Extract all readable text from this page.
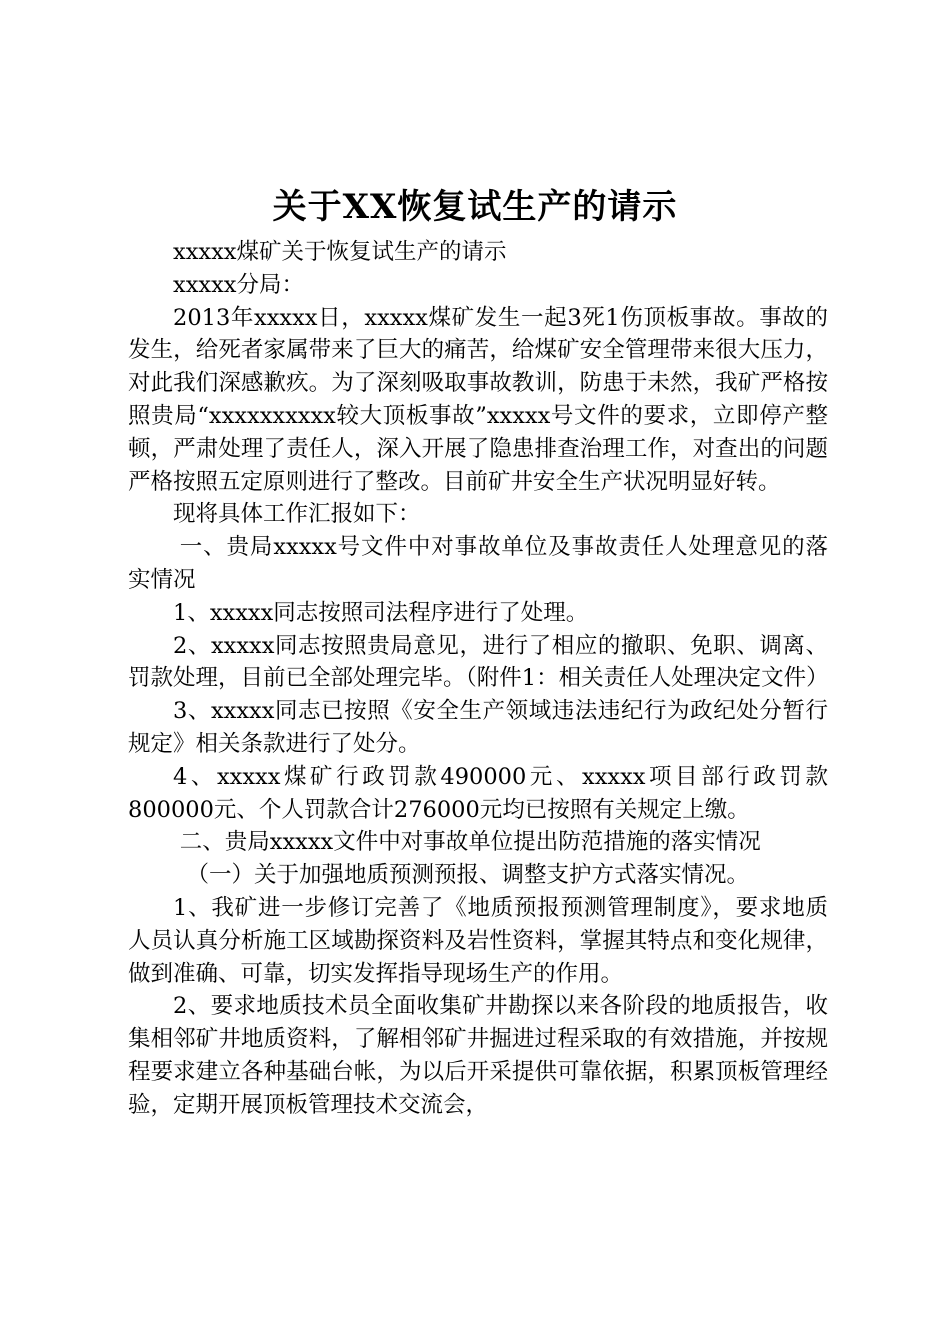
关于XX恢复试生产的请示

xxxxx煤矿关于恢复试生产的请示

xxxxx分局：

2013年xxxxx日，xxxxx煤矿发生一起3死1伤顶板事故。事故的发生，给死者家属带来了巨大的痛苦，给煤矿安全管理带来很大压力，对此我们深感歉疚。为了深刻吸取事故教训，防患于未然，我矿严格按照贵局“xxxxxxxxxx较大顶板事故”xxxxx号文件的要求，立即停产整顿，严肃处理了责任人，深入开展了隐患排查治理工作，对查出的问题严格按照五定原则进行了整改。目前矿井安全生产状况明显好转。

现将具体工作汇报如下：

一、贵局xxxxx号文件中对事故单位及事故责任人处理意见的落实情况

1、xxxxx同志按照司法程序进行了处理。

2、xxxxx同志按照贵局意见，进行了相应的撤职、免职、调离、罚款处理，目前已全部处理完毕。（附件1：相关责任人处理决定文件）

3、xxxxx同志已按照《安全生产领域违法违纪行为政纪处分暂行规定》相关条款进行了处分。

4、xxxxx煤矿行政罚款490000元、xxxxx项目部行政罚款800000元、个人罚款合计276000元均已按照有关规定上缴。

二、贵局xxxxx文件中对事故单位提出防范措施的落实情况

（一）关于加强地质预测预报、调整支护方式落实情况。

1、我矿进一步修订完善了《地质预报预测管理制度》，要求地质人员认真分析施工区域勘探资料及岩性资料，掌握其特点和变化规律，做到准确、可靠，切实发挥指导现场生产的作用。

2、要求地质技术员全面收集矿井勘探以来各阶段的地质报告，收集相邻矿井地质资料，了解相邻矿井掘进过程采取的有效措施，并按规程要求建立各种基础台帐，为以后开采提供可靠依据，积累顶板管理经验，定期开展顶板管理技术交流会，
